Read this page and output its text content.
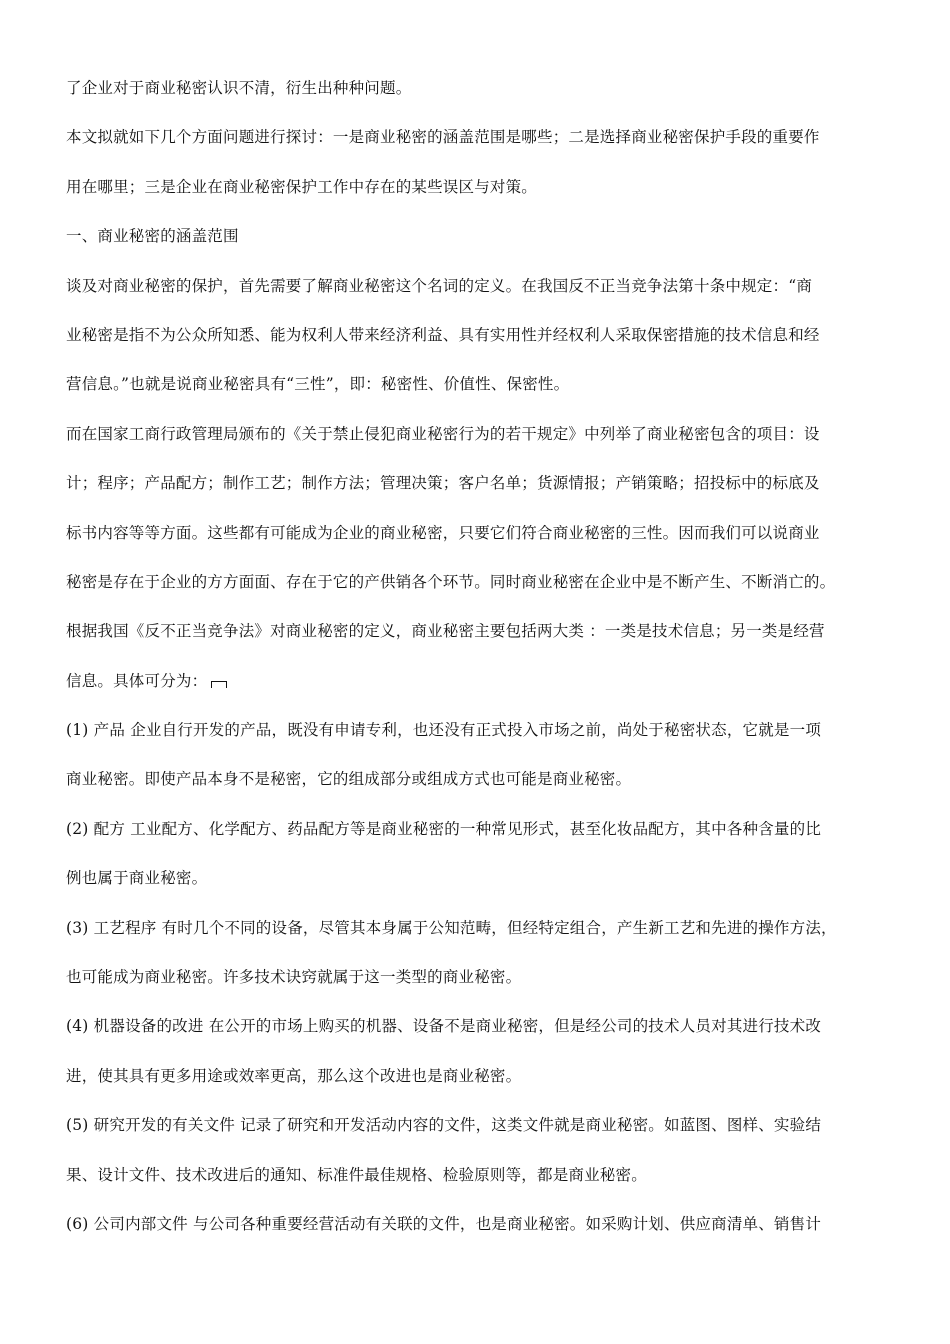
了企业对于商业秘密认识不清，衍生出种种问题。
本文拟就如下几个方面问题进行探讨：一是商业秘密的涵盖范围是哪些；二是选择商业秘密保护手段的重要作
用在哪里；三是企业在商业秘密保护工作中存在的某些误区与对策。
一、商业秘密的涵盖范围
谈及对商业秘密的保护，首先需要了解商业秘密这个名词的定义。在我国反不正当竞争法第十条中规定：“商
业秘密是指不为公众所知悉、能为权利人带来经济利益、具有实用性并经权利人采取保密措施的技术信息和经
营信息。”也就是说商业秘密具有“三性”，即：秘密性、价值性、保密性。
而在国家工商行政管理局颁布的《关于禁止侵犯商业秘密行为的若干规定》中列举了商业秘密包含的项目：设
计；程序；产品配方；制作工艺；制作方法；管理决策；客户名单；货源情报；产销策略；招投标中的标底及
标书内容等等方面。这些都有可能成为企业的商业秘密，只要它们符合商业秘密的三性。因而我们可以说商业
秘密是存在于企业的方方面面、存在于它的产供销各个环节。同时商业秘密在企业中是不断产生、不断消亡的。
根据我国《反不正当竞争法》对商业秘密的定义，商业秘密主要包括两大类 ：一类是技术信息；另一类是经营
信息。具体可分为：
(1) 产品 企业自行开发的产品，既没有申请专利，也还没有正式投入市场之前，尚处于秘密状态，它就是一项
商业秘密。即使产品本身不是秘密，它的组成部分或组成方式也可能是商业秘密。
(2) 配方 工业配方、化学配方、药品配方等是商业秘密的一种常见形式，甚至化妆品配方，其中各种含量的比
例也属于商业秘密。
(3) 工艺程序 有时几个不同的设备，尽管其本身属于公知范畴，但经特定组合，产生新工艺和先进的操作方法，
也可能成为商业秘密。许多技术诀窍就属于这一类型的商业秘密。
(4) 机器设备的改进 在公开的市场上购买的机器、设备不是商业秘密，但是经公司的技术人员对其进行技术改
进，使其具有更多用途或效率更高，那么这个改进也是商业秘密。
(5) 研究开发的有关文件 记录了研究和开发活动内容的文件，这类文件就是商业秘密。如蓝图、图样、实验结
果、设计文件、技术改进后的通知、标准件最佳规格、检验原则等，都是商业秘密。
(6) 公司内部文件 与公司各种重要经营活动有关联的文件，也是商业秘密。如采购计划、供应商清单、销售计
